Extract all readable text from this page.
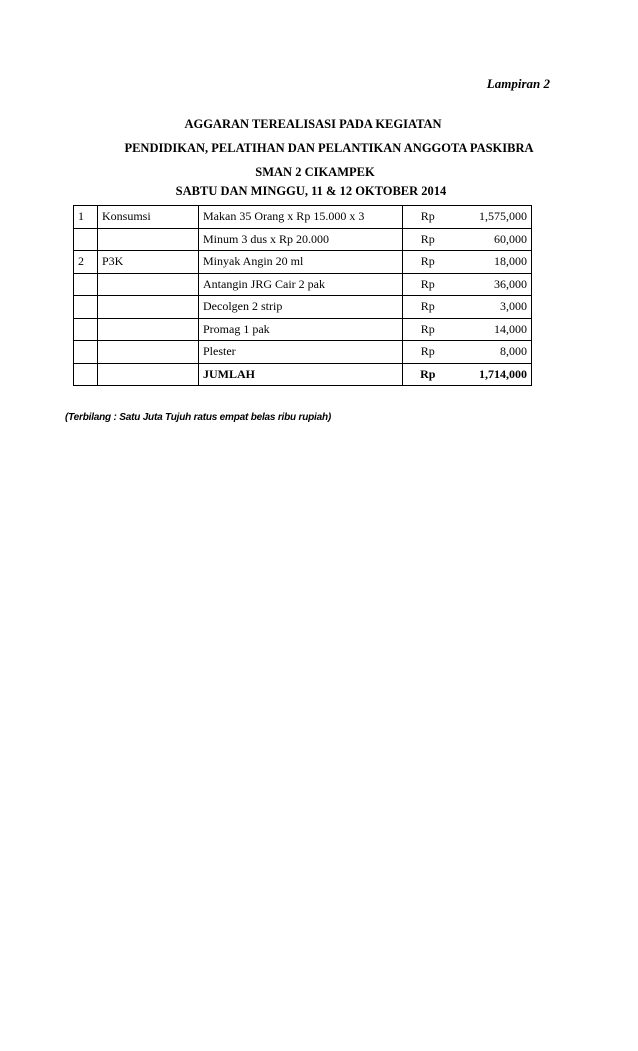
Lampiran 2
AGGARAN TEREALISASI PADA KEGIATAN
PENDIDIKAN, PELATIHAN DAN PELANTIKAN ANGGOTA PASKIBRA
SMAN 2 CIKAMPEK
SABTU DAN MINGGU, 11 & 12 OKTOBER 2014
1	Konsumsi	Makan 35 Orang x Rp 15.000 x 3	Rp	1,575,000
		Minum 3 dus x Rp 20.000	Rp	60,000
2	P3K	Minyak Angin 20 ml	Rp	18,000
		Antangin JRG Cair 2 pak	Rp	36,000
		Decolgen 2 strip	Rp	3,000
		Promag 1 pak	Rp	14,000
		Plester	Rp	8,000
		JUMLAH	Rp	1,714,000
(Terbilang : Satu Juta Tujuh ratus empat belas ribu rupiah)
